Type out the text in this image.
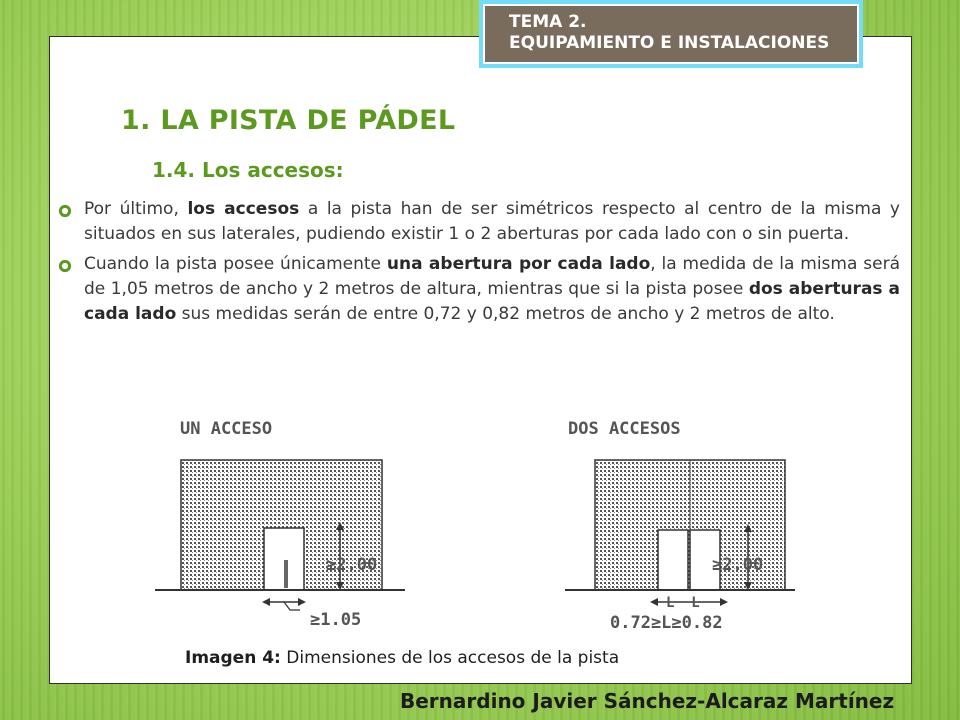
TEMA 2.
EQUIPAMIENTO E INSTALACIONES
1. LA PISTA DE PÁDEL
1.4. Los accesos:
Por último, los accesos a la pista han de ser simétricos respecto al centro de la misma y situados en sus laterales, pudiendo existir 1 o 2 aberturas por cada lado con o sin puerta.
Cuando la pista posee únicamente una abertura por cada lado, la medida de la misma será de 1,05 metros de ancho y 2 metros de altura, mientras que si la pista posee dos aberturas a cada lado sus medidas serán de entre 0,72 y 0,82 metros de ancho y 2 metros de alto.
UN ACCESO
≥2.00
≥1.05
DOS ACCESOS
≥2.00
L  L
0.72≥L≥0.82
Imagen 4: Dimensiones de los accesos de la pista
Bernardino Javier Sánchez-Alcaraz Martínez
